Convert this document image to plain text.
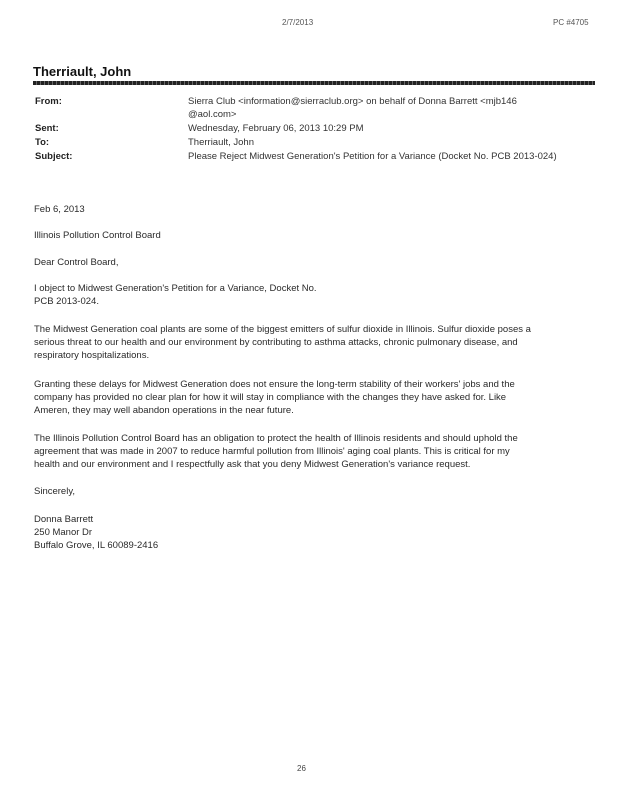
2/7/2013	PC #4705
Therriault, John
From:	Sierra Club <information@sierraclub.org> on behalf of Donna Barrett <mjb146
@aol.com>
Sent:	Wednesday, February 06, 2013 10:29 PM
To:	Therriault, John
Subject:	Please Reject Midwest Generation's Petition for a Variance (Docket No. PCB 2013-024)
Feb 6, 2013
Illinois Pollution Control Board
Dear Control Board,
I object to Midwest Generation's Petition for a Variance, Docket No.
PCB 2013-024.
The Midwest Generation coal plants are some of the biggest emitters of sulfur dioxide in Illinois. Sulfur dioxide poses a
serious threat to our health and our environment by contributing to asthma attacks, chronic pulmonary disease, and
respiratory hospitalizations.
Granting these delays for Midwest Generation does not ensure the long-term stability of their workers' jobs and the
company has provided no clear plan for how it will stay in compliance with the changes they have asked for. Like
Ameren, they may well abandon operations in the near future.
The Illinois Pollution Control Board has an obligation to protect the health of Illinois residents and should uphold the
agreement that was made in 2007 to reduce harmful pollution from Illinois' aging coal plants. This is critical for my
health and our environment and I respectfully ask that you deny Midwest Generation's variance request.
Sincerely,
Donna Barrett
250 Manor Dr
Buffalo Grove, IL 60089-2416
26
